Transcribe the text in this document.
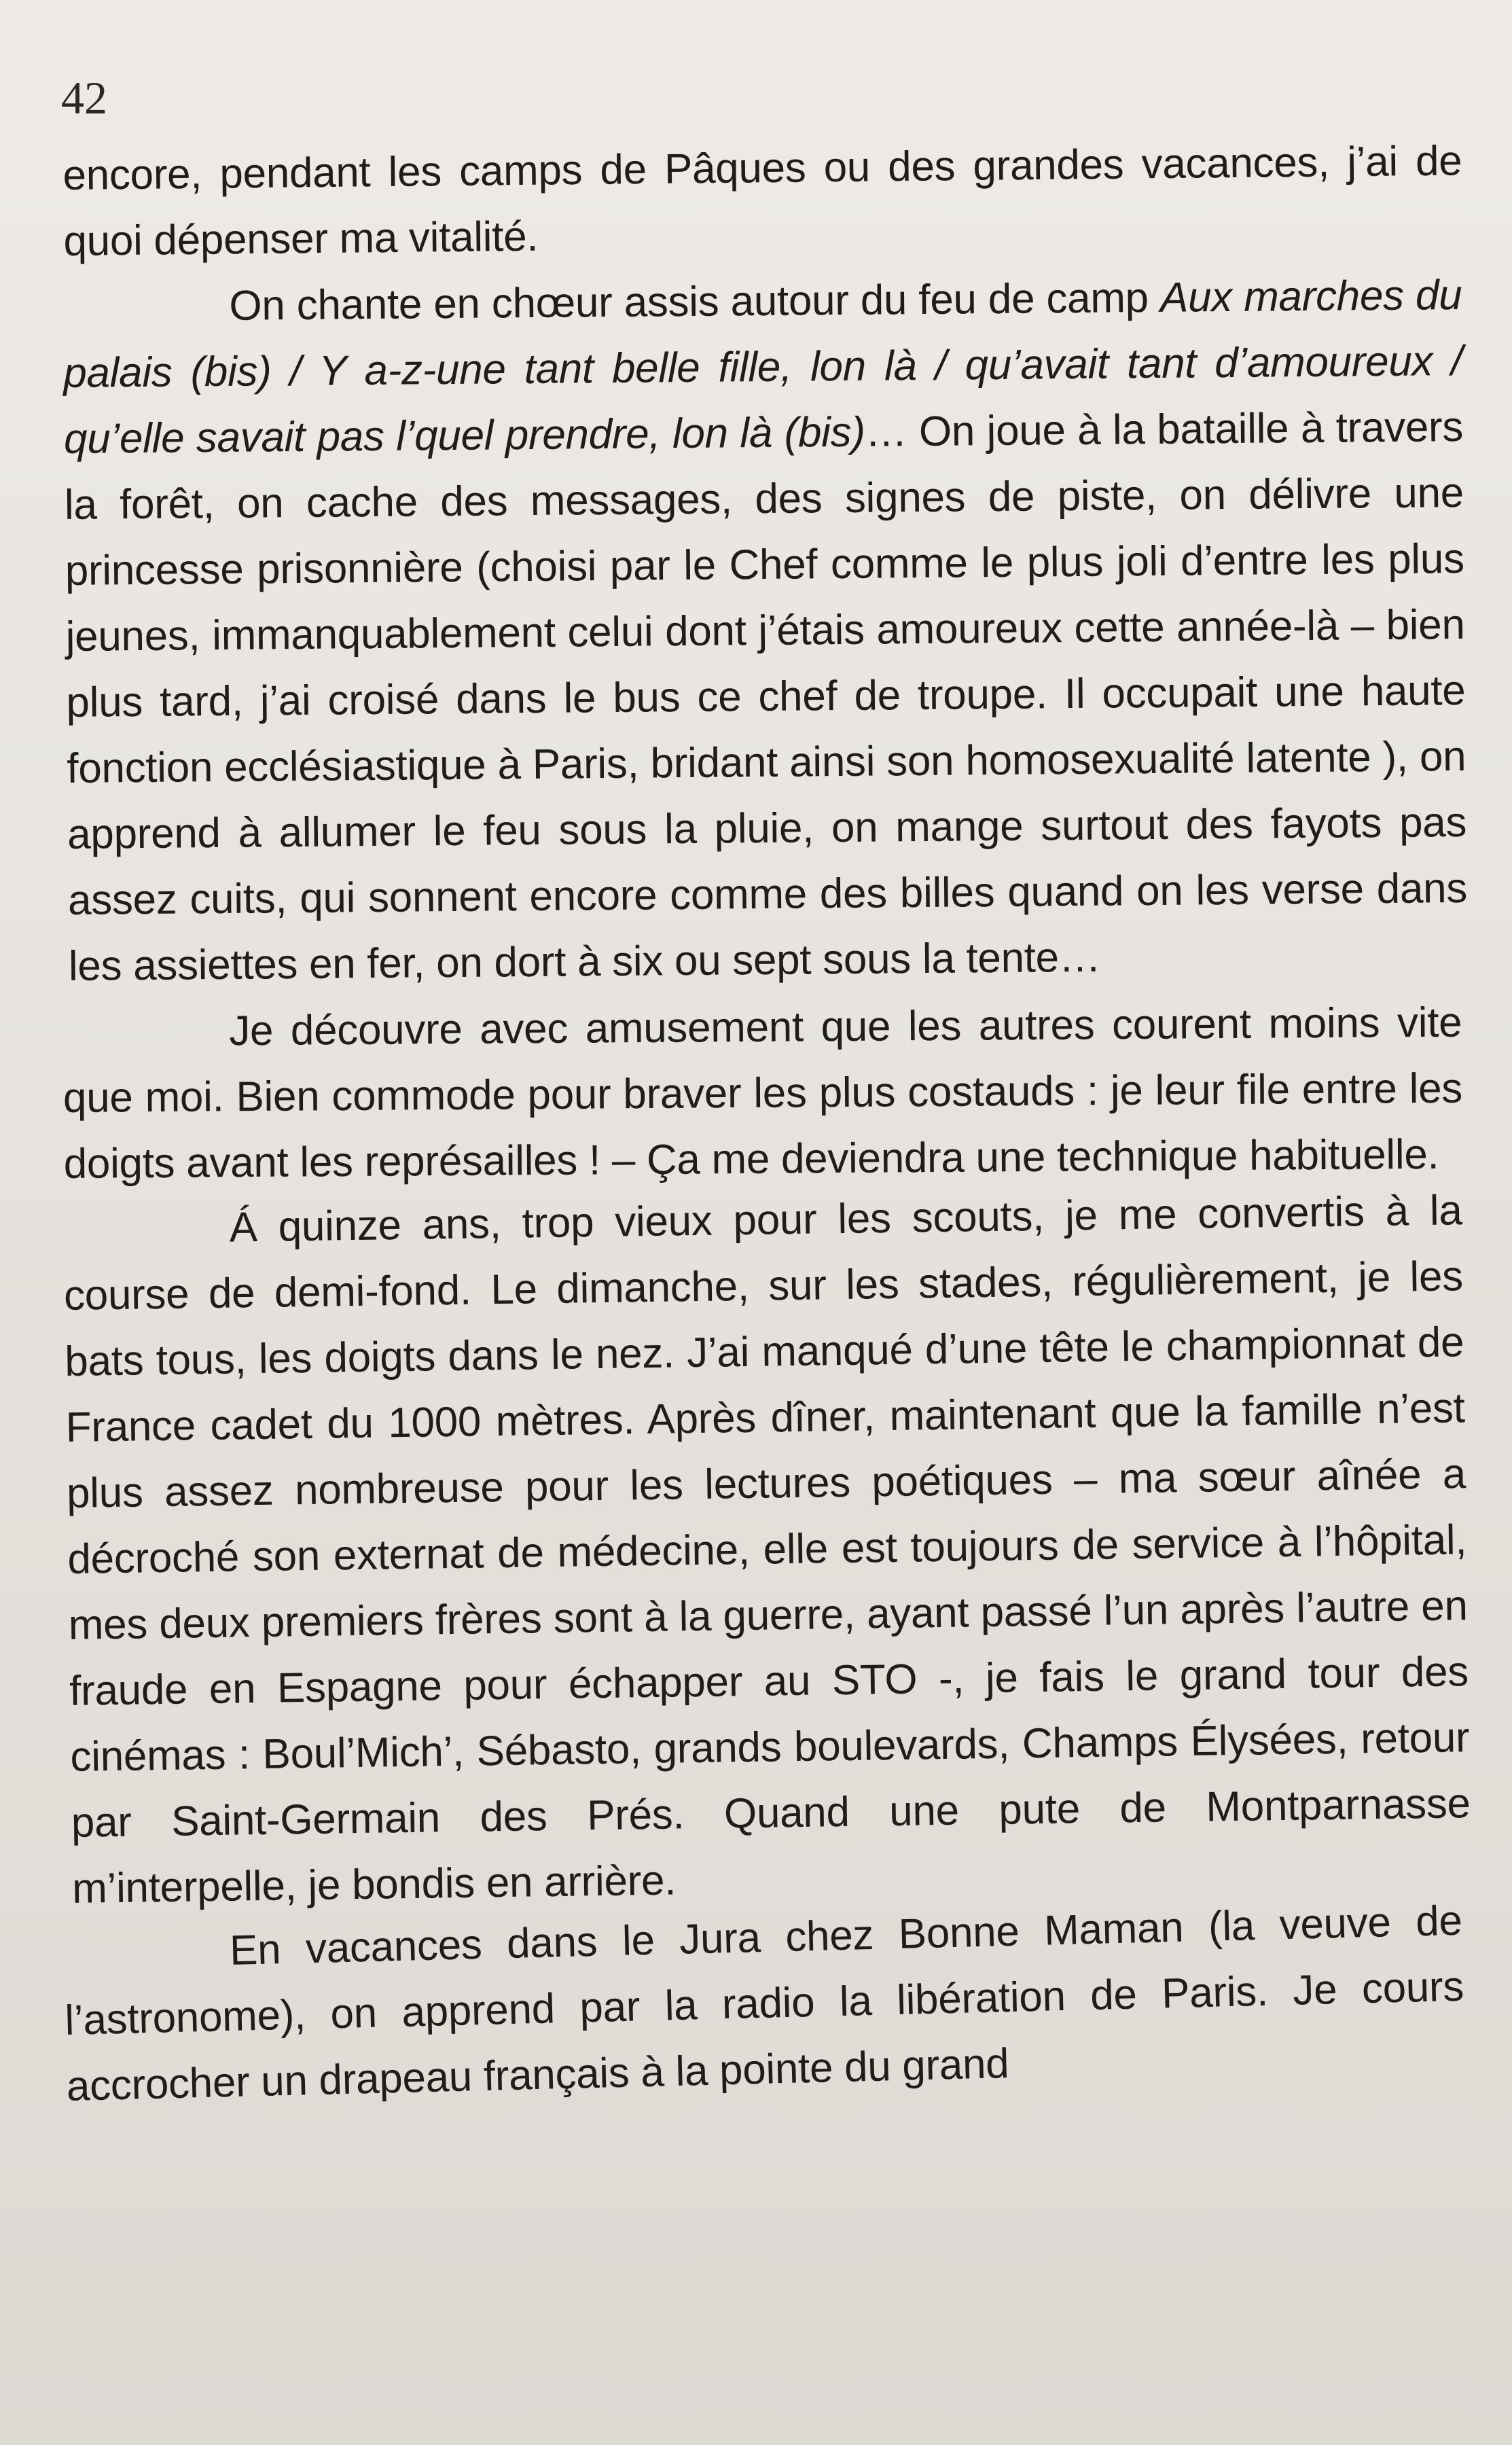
42

encore, pendant les camps de Pâques ou des grandes vacances, j’ai de quoi dépenser ma vitalité.

On chante en chœur assis autour du feu de camp Aux marches du palais (bis) / Y a-z-une tant belle fille, lon là / qu’avait tant d’amoureux / qu’elle savait pas l’quel prendre, lon là (bis)… On joue à la bataille à travers la forêt, on cache des messages, des signes de piste, on délivre une princesse prisonnière (choisi par le Chef comme le plus joli d’entre les plus jeunes, immanquablement celui dont j’étais amoureux cette année-là – bien plus tard, j’ai croisé dans le bus ce chef de troupe. Il occupait une haute fonction ecclésiastique à Paris, bridant ainsi son homosexualité latente ), on apprend à allumer le feu sous la pluie, on mange surtout des fayots pas assez cuits, qui sonnent encore comme des billes quand on les verse dans les assiettes en fer, on dort à six ou sept sous la tente…

Je découvre avec amusement que les autres courent moins vite que moi. Bien commode pour braver les plus costauds : je leur file entre les doigts avant les représailles ! – Ça me deviendra une technique habituelle.

Á quinze ans, trop vieux pour les scouts, je me convertis à la course de demi-fond. Le dimanche, sur les stades, régulièrement, je les bats tous, les doigts dans le nez. J’ai manqué d’une tête le championnat de France cadet du 1000 mètres. Après dîner, maintenant que la famille n’est plus assez nombreuse pour les lectures poétiques – ma sœur aînée a décroché son externat de médecine, elle est toujours de service à l’hôpital, mes deux premiers frères sont à la guerre, ayant passé l’un après l’autre en fraude en Espagne pour échapper au STO -, je fais le grand tour des cinémas : Boul’Mich’, Sébasto, grands boulevards, Champs Élysées, retour par Saint-Germain des Prés. Quand une pute de Montparnasse m’interpelle, je bondis en arrière.

En vacances dans le Jura chez Bonne Maman (la veuve de l’astronome), on apprend par la radio la libération de Paris. Je cours accrocher un drapeau français à la pointe du grand
